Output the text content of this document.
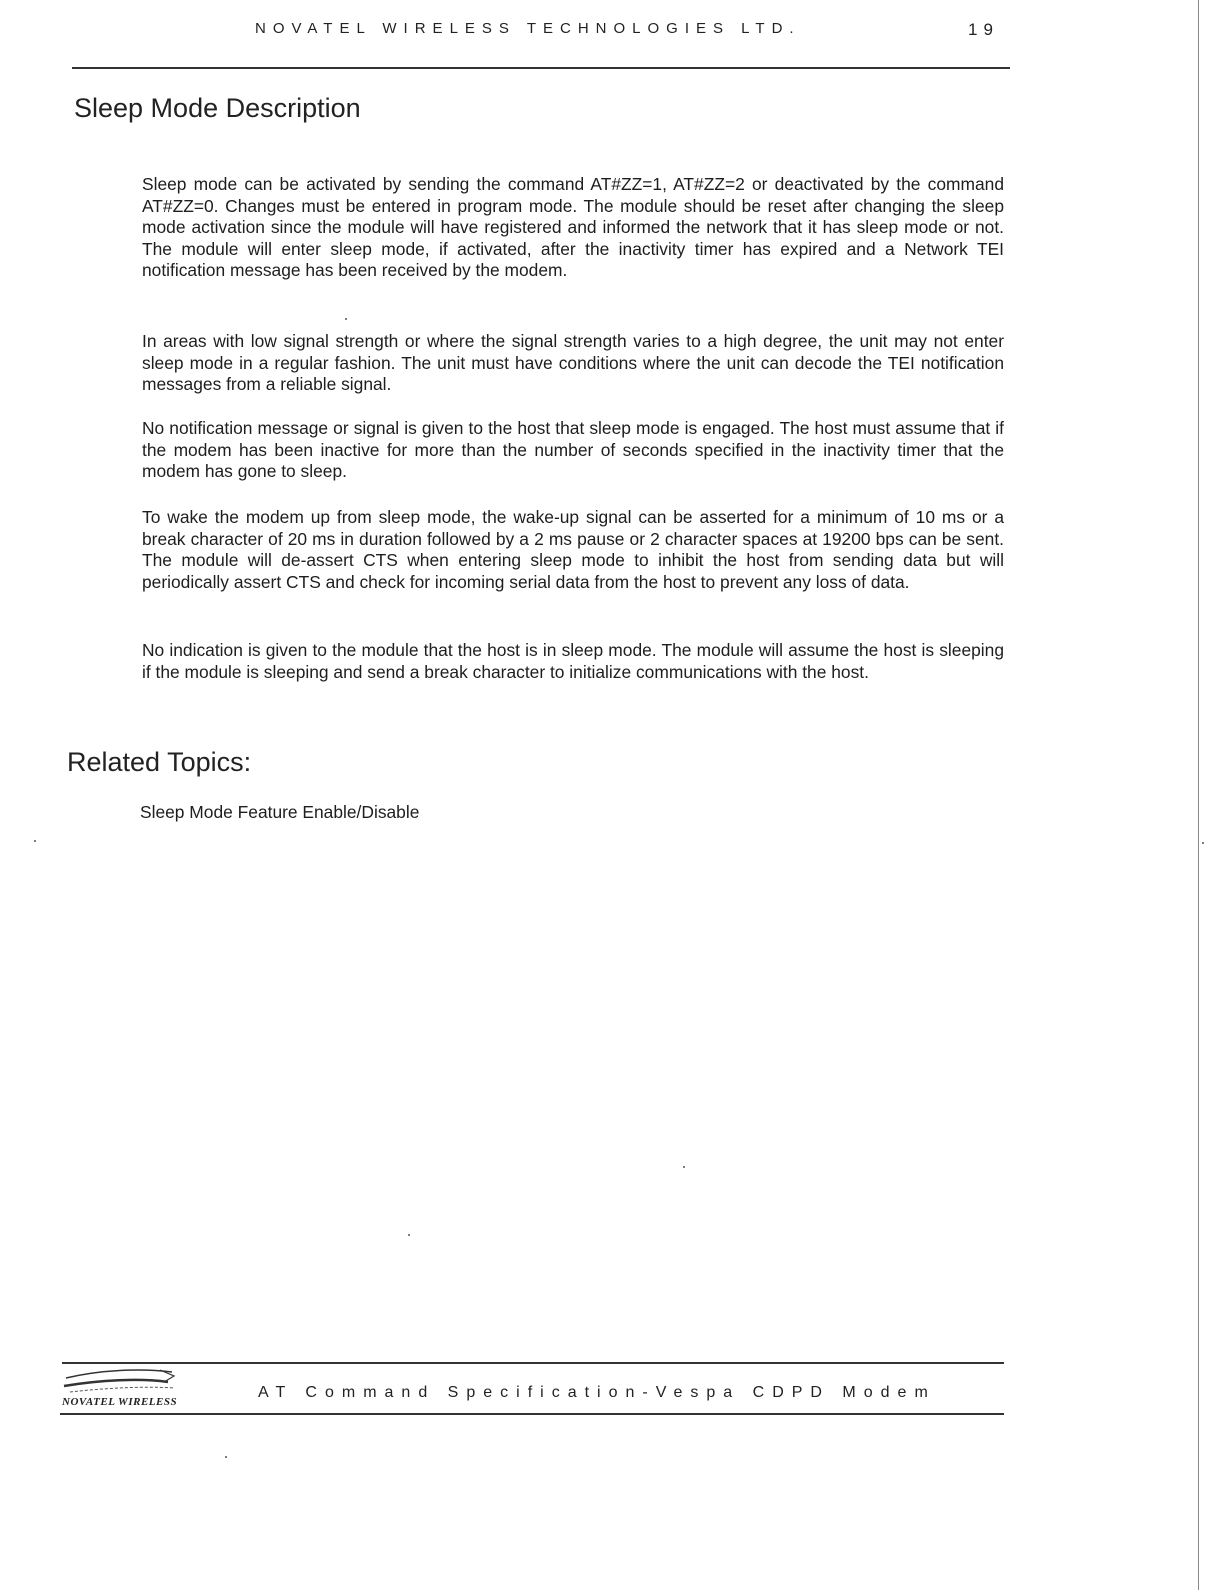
NOVATEL WIRELESS TECHNOLOGIES LTD.	19
Sleep Mode Description

Sleep mode can be activated by sending the command AT#ZZ=1, AT#ZZ=2 or deactivated by the command AT#ZZ=0. Changes must be entered in program mode. The module should be reset after changing the sleep mode activation since the module will have registered and informed the network that it has sleep mode or not. The module will enter sleep mode, if activated, after the inactivity timer has expired and a Network TEI notification message has been received by the modem.

In areas with low signal strength or where the signal strength varies to a high degree, the unit may not enter sleep mode in a regular fashion. The unit must have conditions where the unit can decode the TEI notification messages from a reliable signal.

No notification message or signal is given to the host that sleep mode is engaged. The host must assume that if the modem has been inactive for more than the number of seconds specified in the inactivity timer that the modem has gone to sleep.

To wake the modem up from sleep mode, the wake-up signal can be asserted for a minimum of 10 ms or a break character of 20 ms in duration followed by a 2 ms pause or 2 character spaces at 19200 bps can be sent. The module will de-assert CTS when entering sleep mode to inhibit the host from sending data but will periodically assert CTS and check for incoming serial data from the host to prevent any loss of data.

No indication is given to the module that the host is in sleep mode. The module will assume the host is sleeping if the module is sleeping and send a break character to initialize communications with the host.

Related Topics:
Sleep Mode Feature Enable/Disable
NOVATEL WIRELESS
AT Command Specification-Vespa CDPD Modem
